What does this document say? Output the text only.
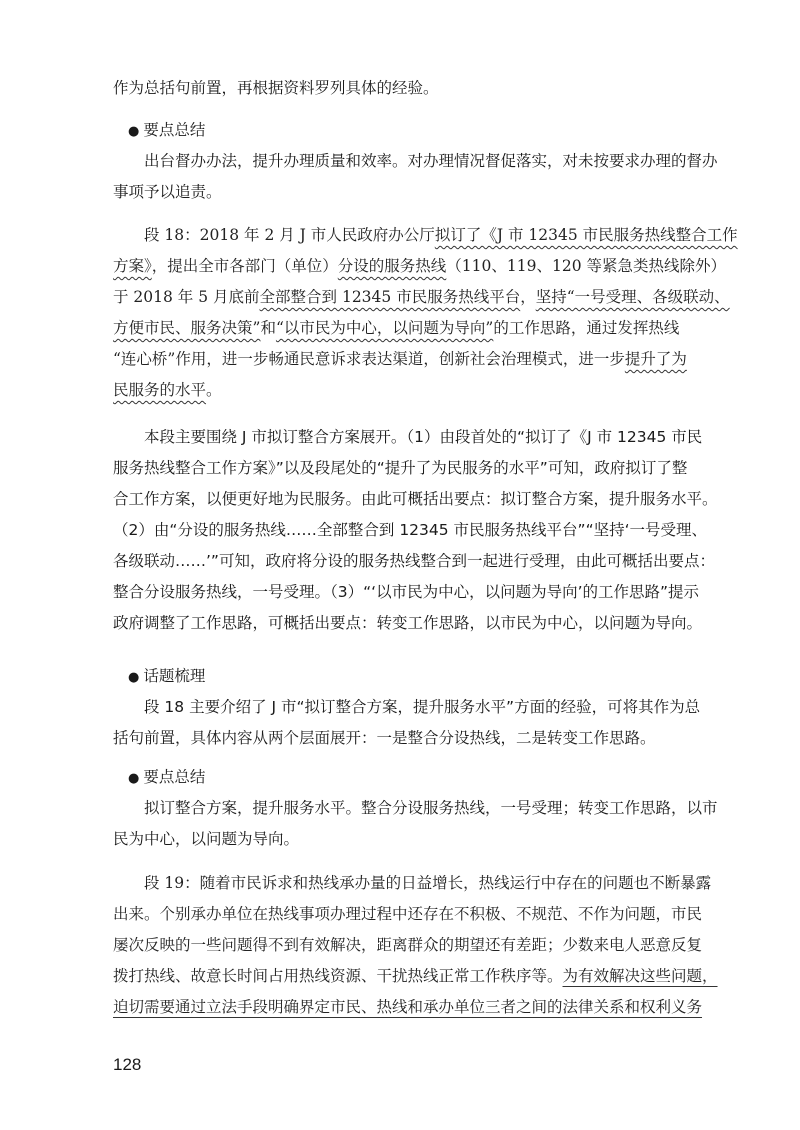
作为总括句前置，再根据资料罗列具体的经验。
● 要点总结
　　出台督办办法，提升办理质量和效率。对办理情况督促落实，对未按要求办理的督办
事项予以追责。
　　段 18：2018 年 2 月 J 市人民政府办公厅拟订了《J 市 12345 市民服务热线整合工作
方案》，提出全市各部门（单位）分设的服务热线（110、119、120 等紧急类热线除外）
于 2018 年 5 月底前全部整合到 12345 市民服务热线平台，坚持“一号受理、各级联动、
方便市民、服务决策”和“以市民为中心，以问题为导向”的工作思路，通过发挥热线
“连心桥”作用，进一步畅通民意诉求表达渠道，创新社会治理模式，进一步提升了为
民服务的水平。
　　本段主要围绕 J 市拟订整合方案展开。（1）由段首处的“拟订了《J 市 12345 市民
服务热线整合工作方案》”以及段尾处的“提升了为民服务的水平”可知，政府拟订了整
合工作方案，以便更好地为民服务。由此可概括出要点：拟订整合方案，提升服务水平。
（2）由“分设的服务热线……全部整合到 12345 市民服务热线平台”“坚持‘一号受理、
各级联动……’”可知，政府将分设的服务热线整合到一起进行受理，由此可概括出要点：
整合分设服务热线，一号受理。（3）“‘以市民为中心，以问题为导向’的工作思路”提示
政府调整了工作思路，可概括出要点：转变工作思路，以市民为中心，以问题为导向。
● 话题梳理
　　段 18 主要介绍了 J 市“拟订整合方案，提升服务水平”方面的经验，可将其作为总
括句前置，具体内容从两个层面展开：一是整合分设热线，二是转变工作思路。
● 要点总结
　　拟订整合方案，提升服务水平。整合分设服务热线，一号受理；转变工作思路，以市
民为中心，以问题为导向。
　　段 19：随着市民诉求和热线承办量的日益增长，热线运行中存在的问题也不断暴露
出来。个别承办单位在热线事项办理过程中还存在不积极、不规范、不作为问题，市民
屡次反映的一些问题得不到有效解决，距离群众的期望还有差距；少数来电人恶意反复
拨打热线、故意长时间占用热线资源、干扰热线正常工作秩序等。为有效解决这些问题，
迫切需要通过立法手段明确界定市民、热线和承办单位三者之间的法律关系和权利义务
128
